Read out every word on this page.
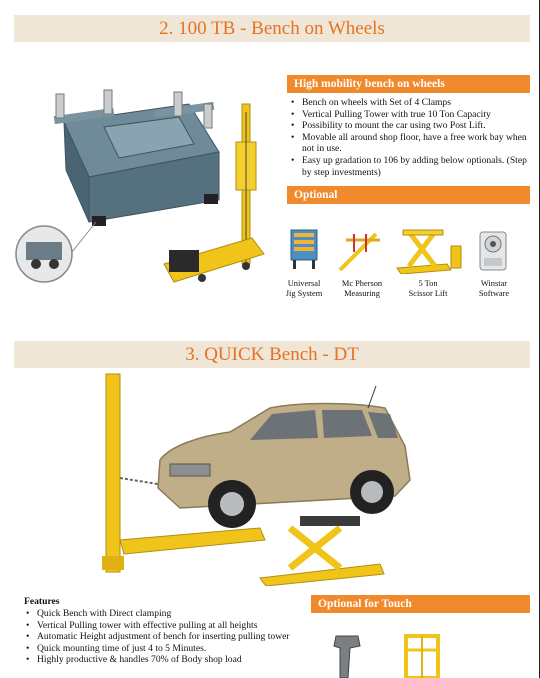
2. 100 TB - Bench on Wheels
High mobility bench on wheels
• Bench on wheels with Set of 4 Clamps
• Vertical Pulling Tower with true 10 Ton Capacity
• Possibility to mount the car using two Post Lift.
• Movable all around shop floor, have a free work bay when not in use.
• Easy up gradation to 106 by adding below optionals. (Step by step investments)
Optional
Universal
Jig System
Mc Pherson
Measuring
5 Ton
Scissor Lift
Winstar
Software
3. QUICK Bench - DT
Features
• Quick Bench with Direct clamping
• Vertical Pulling tower with effective pulling at all heights
• Automatic Height adjustment of bench for inserting pulling tower
• Quick mounting time of just 4 to 5 Minutes.
• Highly productive & handles 70% of Body shop load
Optional for Touch
